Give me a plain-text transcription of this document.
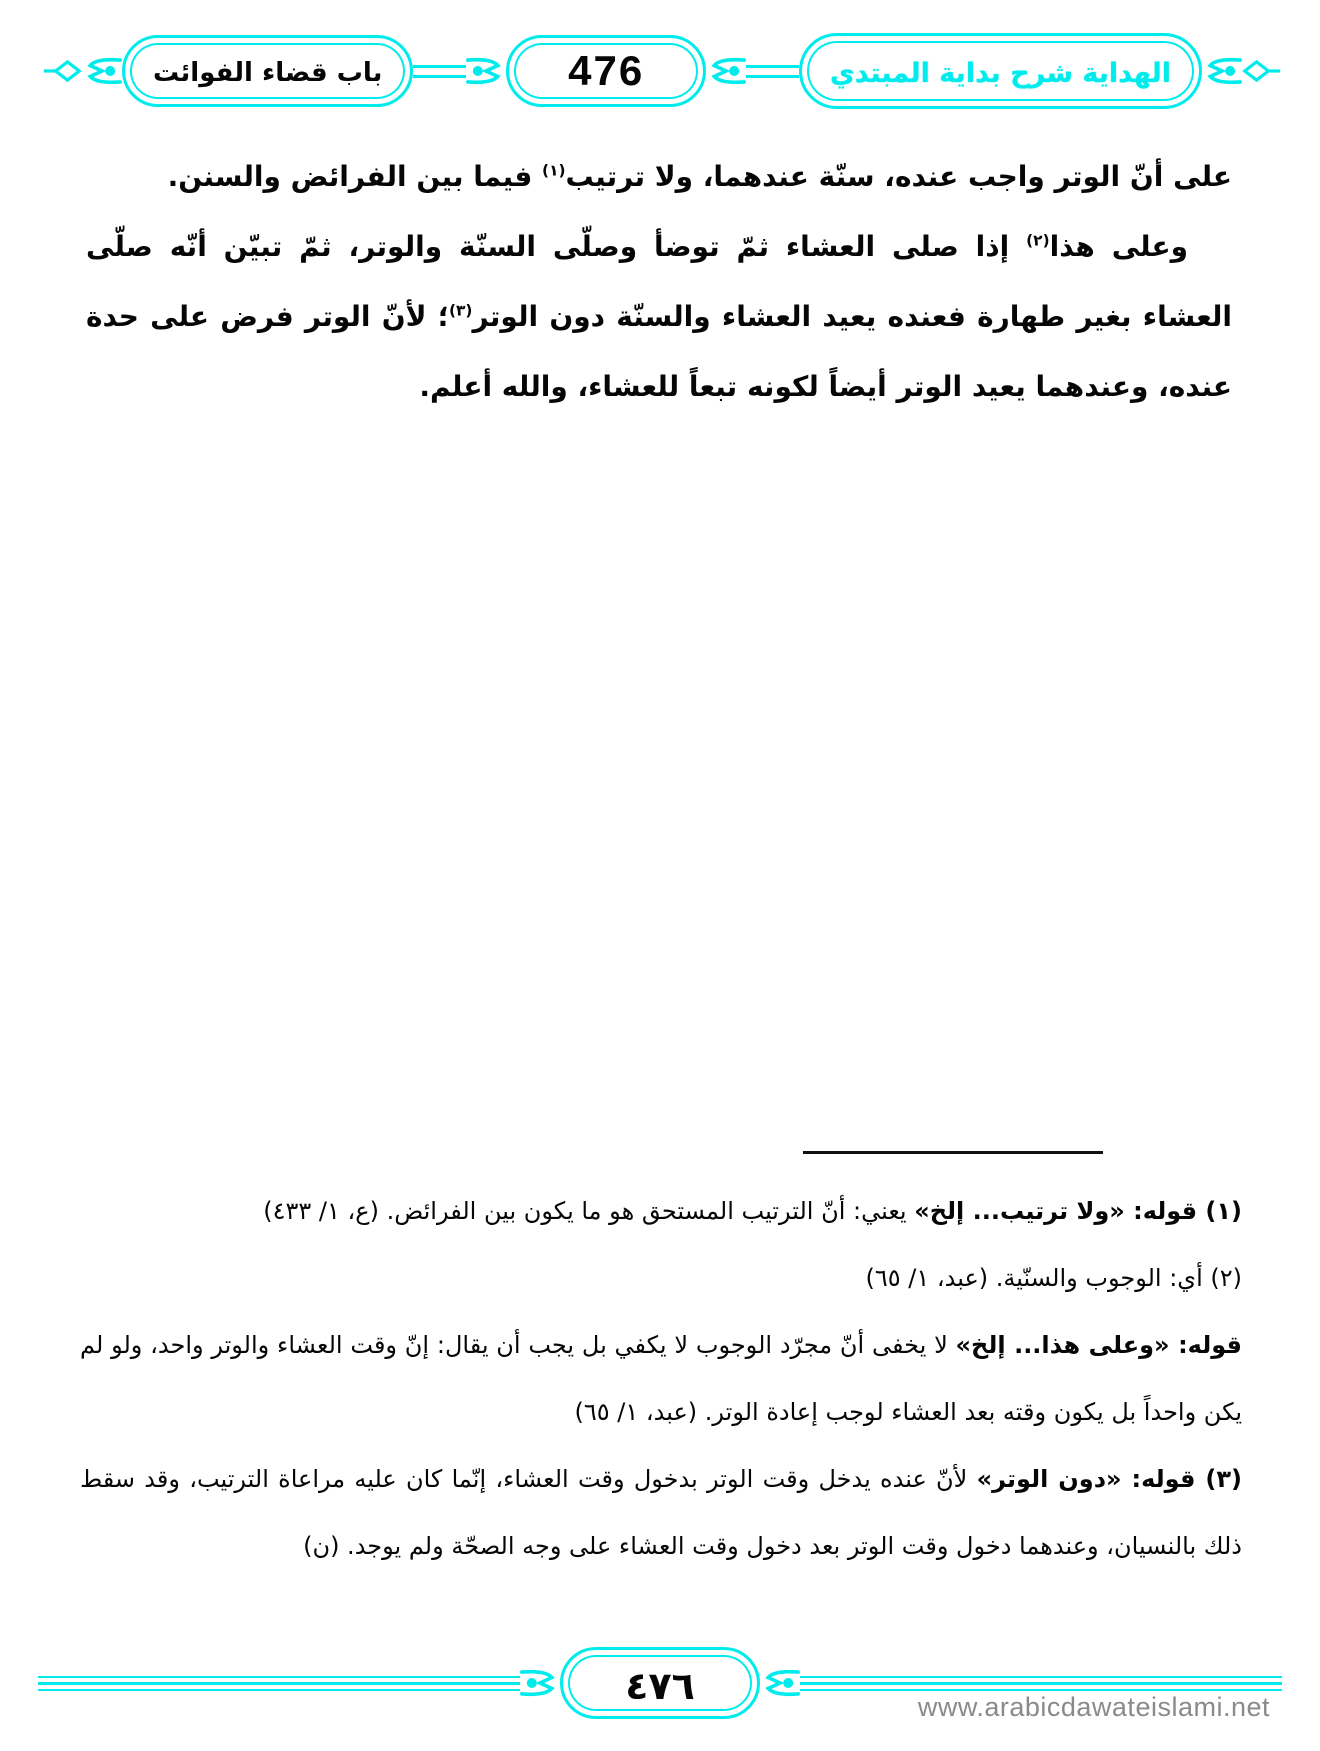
باب قضاء الفوائت	476	الهداية شرح بداية المبتدي

على أنّ الوتر واجب عنده، سنّة عندهما، ولا ترتيب$^{(١)}$ فيما بين الفرائض والسنن.

وعلى هذا$^{(٢)}$ إذا صلى العشاء ثمّ توضأ وصلّى السنّة والوتر، ثمّ تبيّن أنّه صلّى العشاء بغير طهارة فعنده يعيد العشاء والسنّة دون الوتر$^{(٣)}$؛ لأنّ الوتر فرض على حدة عنده، وعندهما يعيد الوتر أيضاً لكونه تبعاً للعشاء، والله أعلم.

(١) قوله: «ولا ترتيب... إلخ» يعني: أنّ الترتيب المستحق هو ما يكون بين الفرائض. (ع، ١/ ٤٣٣)

(٢) أي: الوجوب والسنّية. (عبد، ١/ ٦٥)

قوله: «وعلى هذا... إلخ» لا يخفى أنّ مجرّد الوجوب لا يكفي بل يجب أن يقال: إنّ وقت العشاء والوتر واحد، ولو لم يكن واحداً بل يكون وقته بعد العشاء لوجب إعادة الوتر. (عبد، ١/ ٦٥)

(٣) قوله: «دون الوتر» لأنّ عنده يدخل وقت الوتر بدخول وقت العشاء، إنّما كان عليه مراعاة الترتيب، وقد سقط ذلك بالنسيان، وعندهما دخول وقت الوتر بعد دخول وقت العشاء على وجه الصحّة ولم يوجد. (ن)

٤٧٦	www.arabicdawateislami.net
